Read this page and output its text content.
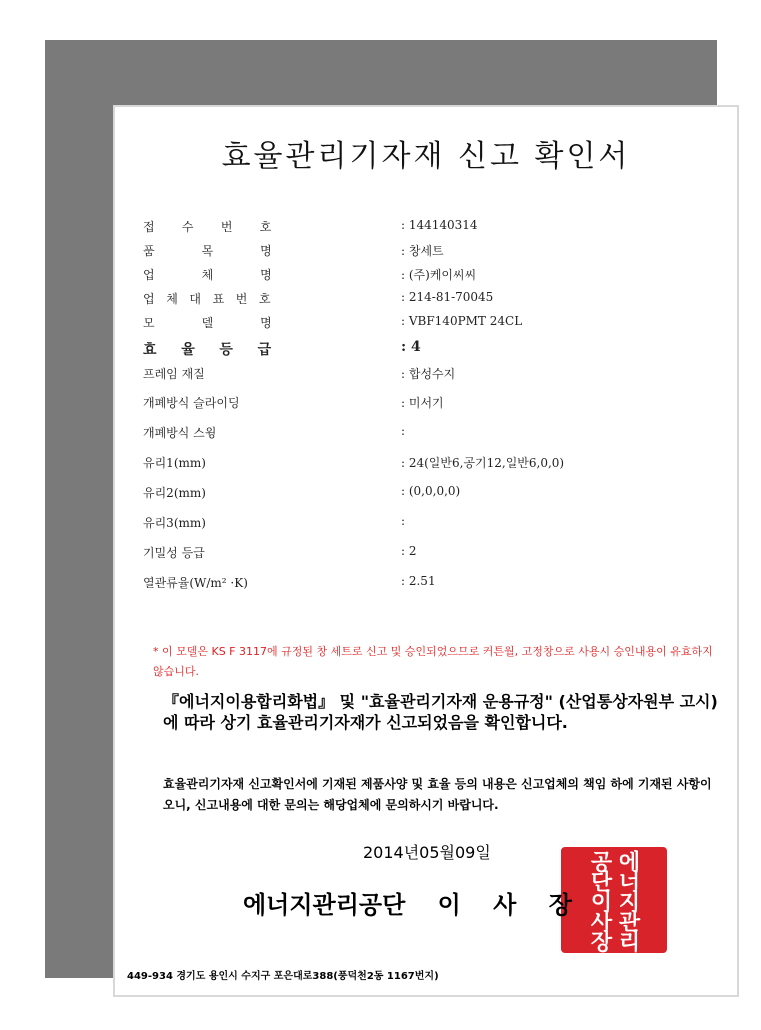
효율관리기자재 신고 확인서
접수번호	: 144140314
품목명	: 창세트
업체명	: (주)케이씨씨
업체대표번호	: 214-81-70045
모델명	: VBF140PMT 24CL
효율등급	: 4
프레임 재질	: 합성수지
개폐방식 슬라이딩	: 미서기
개폐방식 스윙	:
유리1(mm)	: 24(일반6,공기12,일반6,0,0)
유리2(mm)	: (0,0,0,0)
유리3(mm)	:
기밀성 등급	: 2
열관류율(W/m² ·K)	: 2.51
* 이 모델은 KS F 3117에 규정된 창 세트로 신고 및 승인되었으므로 커튼월, 고정창으로 사용시 승인내용이 유효하지 않습니다.
『에너지이용합리화법』 및 "효율관리기자재 운용규정" (산업통상자원부 고시)에 따라 상기 효율관리기자재가 신고되었음을 확인합니다.
효율관리기자재 신고확인서에 기재된 제품사양 및 효율 등의 내용은 신고업체의 책임 하에 기재된 사항이오니, 신고내용에 대한 문의는 해당업체에 문의하시기 바랍니다.
2014년05월09일	에너지관리
공단이사장
에너지관리공단　 이　 사　 장
449-934 경기도 용인시 수지구 포은대로388(풍덕천2동 1167번지)
